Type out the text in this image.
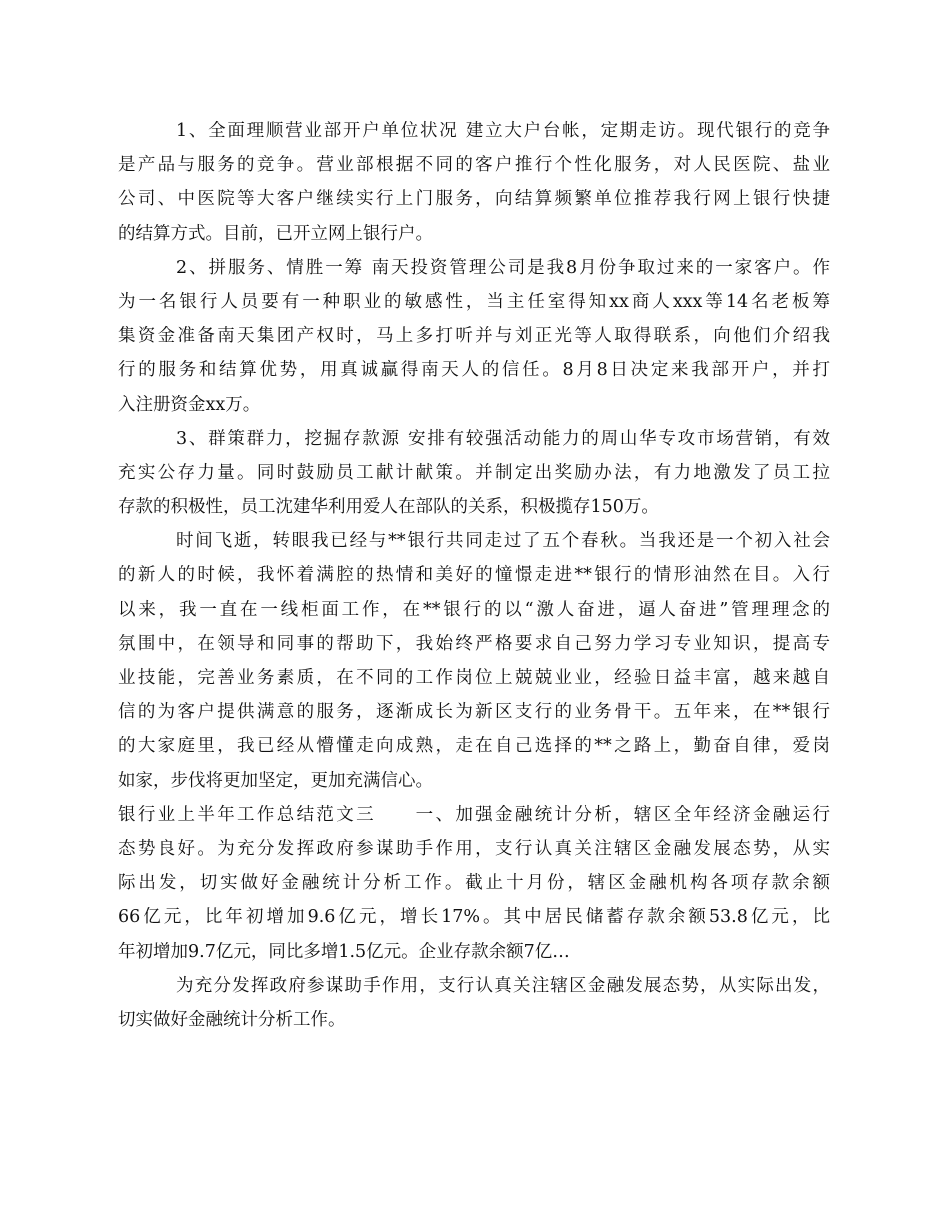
1、全面理顺营业部开户单位状况 建立大户台帐，定期走访。现代银行的竞争
是产品与服务的竞争。营业部根据不同的客户推行个性化服务，对人民医院、盐业
公司、中医院等大客户继续实行上门服务，向结算频繁单位推荐我行网上银行快捷
的结算方式。目前，已开立网上银行户。
2、拼服务、情胜一筹 南天投资管理公司是我8月份争取过来的一家客户。作
为一名银行人员要有一种职业的敏感性，当主任室得知xx商人xxx等14名老板筹
集资金准备南天集团产权时，马上多打听并与刘正光等人取得联系，向他们介绍我
行的服务和结算优势，用真诚赢得南天人的信任。8月8日决定来我部开户，并打
入注册资金xx万。
3、群策群力，挖掘存款源 安排有较强活动能力的周山华专攻市场营销，有效
充实公存力量。同时鼓励员工献计献策。并制定出奖励办法，有力地激发了员工拉
存款的积极性，员工沈建华利用爱人在部队的关系，积极揽存150万。
时间飞逝，转眼我已经与**银行共同走过了五个春秋。当我还是一个初入社会
的新人的时候，我怀着满腔的热情和美好的憧憬走进**银行的情形油然在目。入行
以来，我一直在一线柜面工作，在**银行的以“激人奋进，逼人奋进”管理理念的
氛围中，在领导和同事的帮助下，我始终严格要求自己努力学习专业知识，提高专
业技能，完善业务素质，在不同的工作岗位上兢兢业业，经验日益丰富，越来越自
信的为客户提供满意的服务，逐渐成长为新区支行的业务骨干。五年来，在**银行
的大家庭里，我已经从懵懂走向成熟，走在自己选择的**之路上，勤奋自律，爱岗
如家，步伐将更加坚定，更加充满信心。
银行业上半年工作总结范文三　　一、加强金融统计分析，辖区全年经济金融运行
态势良好。为充分发挥政府参谋助手作用，支行认真关注辖区金融发展态势，从实
际出发，切实做好金融统计分析工作。截止十月份，辖区金融机构各项存款余额
66亿元，比年初增加9.6亿元，增长17%。其中居民储蓄存款余额53.8亿元，比
年初增加9.7亿元，同比多增1.5亿元。企业存款余额7亿…
为充分发挥政府参谋助手作用，支行认真关注辖区金融发展态势，从实际出发，
切实做好金融统计分析工作。
